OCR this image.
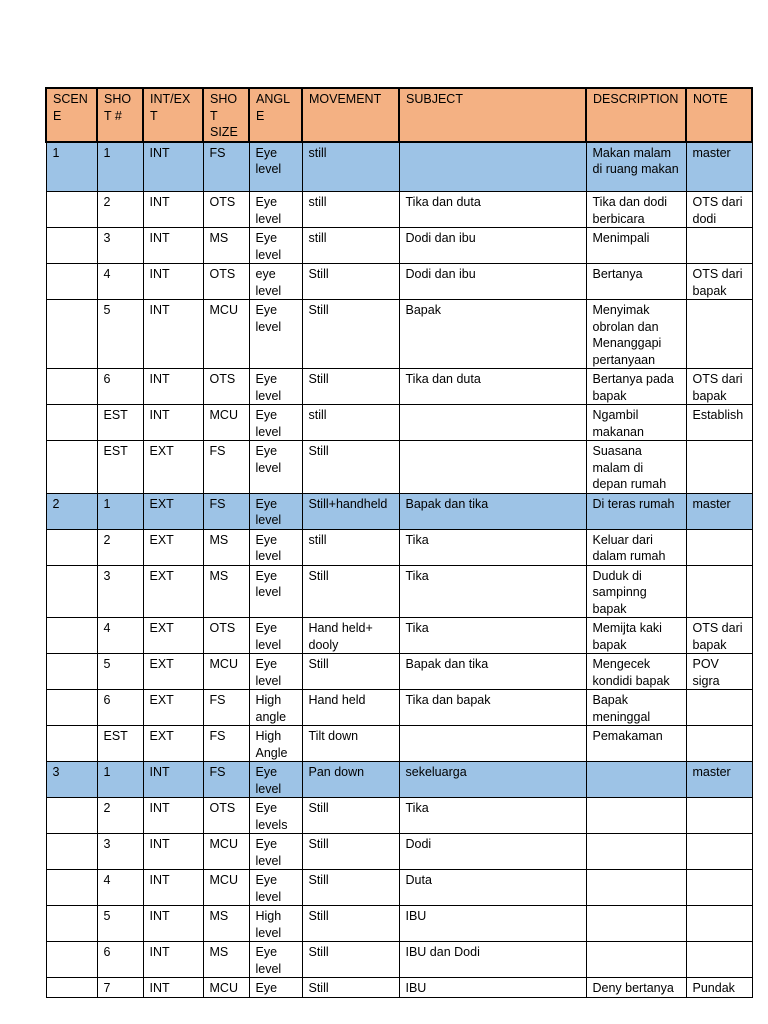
SCENE	SHOT #	INT/EXT	SHOT SIZE	ANGL E	MOVEMENT	SUBJECT	DESCRIPTION	NOTE
1	1	INT	FS	Eye level	still		Makan malam di ruang makan	master
	2	INT	OTS	Eye level	still	Tika dan duta	Tika dan dodi berbicara	OTS dari dodi
	3	INT	MS	Eye level	still	Dodi dan ibu	Menimpali	
	4	INT	OTS	eye level	Still	Dodi dan ibu	Bertanya	OTS dari bapak
	5	INT	MCU	Eye level	Still	Bapak	Menyimak obrolan dan Menanggapi pertanyaan	
	6	INT	OTS	Eye level	Still	Tika dan duta	Bertanya pada bapak	OTS dari bapak
	EST	INT	MCU	Eye level	still		Ngambil makanan	Establish
	EST	EXT	FS	Eye level	Still		Suasana malam di depan rumah	
2	1	EXT	FS	Eye level	Still+handheld	Bapak dan tika	Di teras rumah	master
	2	EXT	MS	Eye level	still	Tika	Keluar dari dalam rumah	
	3	EXT	MS	Eye level	Still	Tika	Duduk di sampinng bapak	
	4	EXT	OTS	Eye level	Hand held+ dooly	Tika	Memijta kaki bapak	OTS dari bapak
	5	EXT	MCU	Eye level	Still	Bapak dan tika	Mengecek kondidi bapak	POV sigra
	6	EXT	FS	High angle	Hand held	Tika dan bapak	Bapak meninggal	
	EST	EXT	FS	High Angle	Tilt down		Pemakaman	
3	1	INT	FS	Eye level	Pan down	sekeluarga		master
	2	INT	OTS	Eye levels	Still	Tika		
	3	INT	MCU	Eye level	Still	Dodi		
	4	INT	MCU	Eye level	Still	Duta		
	5	INT	MS	High level	Still	IBU		
	6	INT	MS	Eye level	Still	IBU dan Dodi		
	7	INT	MCU	Eye	Still	IBU	Deny bertanya	Pundak
